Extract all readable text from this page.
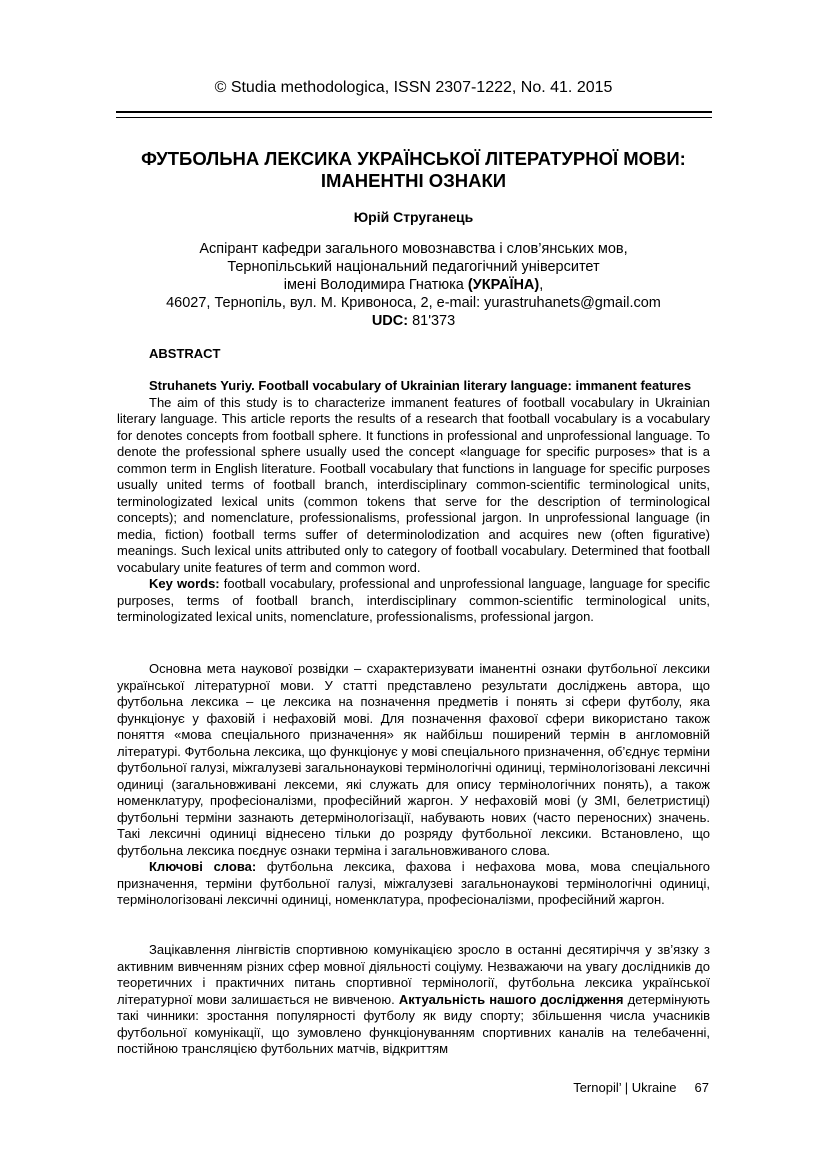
© Studia methodologica, ISSN 2307-1222, No. 41. 2015
ФУТБОЛЬНА ЛЕКСИКА УКРАЇНСЬКОЇ ЛІТЕРАТУРНОЇ МОВИ:
ІМАНЕНТНІ ОЗНАКИ
Юрій Струганець
Аспірант кафедри загального мовознавства і слов’янських мов,
Тернопільський національний педагогічний університет
імені Володимира Гнатюка (УКРАЇНА),
46027, Тернопіль, вул. М. Кривоноса, 2, e-mail: yurastruhanets@gmail.com
UDC: 81'373
ABSTRACT

Struhanets Yuriy. Football vocabulary of Ukrainian literary language: immanent features

The aim of this study is to characterize immanent features of football vocabulary in Ukrainian literary language. This article reports the results of a research that football vocabulary is a vocabulary for denotes concepts from football sphere. It functions in professional and unprofessional language. To denote the professional sphere usually used the concept «language for specific purposes» that is a common term in English literature. Football vocabulary that functions in language for specific purposes usually united terms of football branch, interdisciplinary common-scientific terminological units, terminologizated lexical units (common tokens that serve for the description of terminological concepts); and nomenclature, professionalisms, professional jargon. In unprofessional language (in media, fiction) football terms suffer of determinolodization and acquires new (often figurative) meanings. Such lexical units attributed only to category of football vocabulary. Determined that football vocabulary unite features of term and common word.

Key words: football vocabulary, professional and unprofessional language, language for specific purposes, terms of football branch, interdisciplinary common-scientific terminological units, terminologizated lexical units, nomenclature, professionalisms, professional jargon.

Основна мета наукової розвідки – схарактеризувати іманентні ознаки футбольної лексики української літературної мови. У статті представлено результати досліджень автора, що футбольна лексика – це лексика на позначення предметів і понять зі сфери футболу, яка функціонує у фаховій і нефаховій мові. Для позначення фахової сфери використано також поняття «мова спеціального призначення» як найбільш поширений термін в англомовній літературі. Футбольна лексика, що функціонує у мові спеціального призначення, об’єднує терміни футбольної галузі, міжгалузеві загальнонаукові термінологічні одиниці, термінологізовані лексичні одиниці (загальновживані лексеми, які служать для опису термінологічних понять), а також номенклатуру, професіоналізми, професійний жаргон. У нефаховій мові (у ЗМІ, белетристиці) футбольні терміни зазнають детермінологізації, набувають нових (часто переносних) значень. Такі лексичні одиниці віднесено тільки до розряду футбольної лексики. Встановлено, що футбольна лексика поєднує ознаки терміна і загальновживаного слова.

Ключові слова: футбольна лексика, фахова і нефахова мова, мова спеціального призначення, терміни футбольної галузі, міжгалузеві загальнонаукові термінологічні одиниці, термінологізовані лексичні одиниці, номенклатура, професіоналізми, професійний жаргон.

Зацікавлення лінгвістів спортивною комунікацією зросло в останні десятиріччя у зв’язку з активним вивченням різних сфер мовної діяльності соціуму. Незважаючи на увагу дослідників до теоретичних і практичних питань спортивної термінології, футбольна лексика української літературної мови залишається не вивченою. Актуальність нашого дослідження детермінують такі чинники: зростання популярності футболу як виду спорту; збільшення числа учасників футбольної комунікації, що зумовлено функціонуванням спортивних каналів на телебаченні, постійною трансляцією футбольних матчів, відкриттям

Ternopil’ | Ukraine 67
